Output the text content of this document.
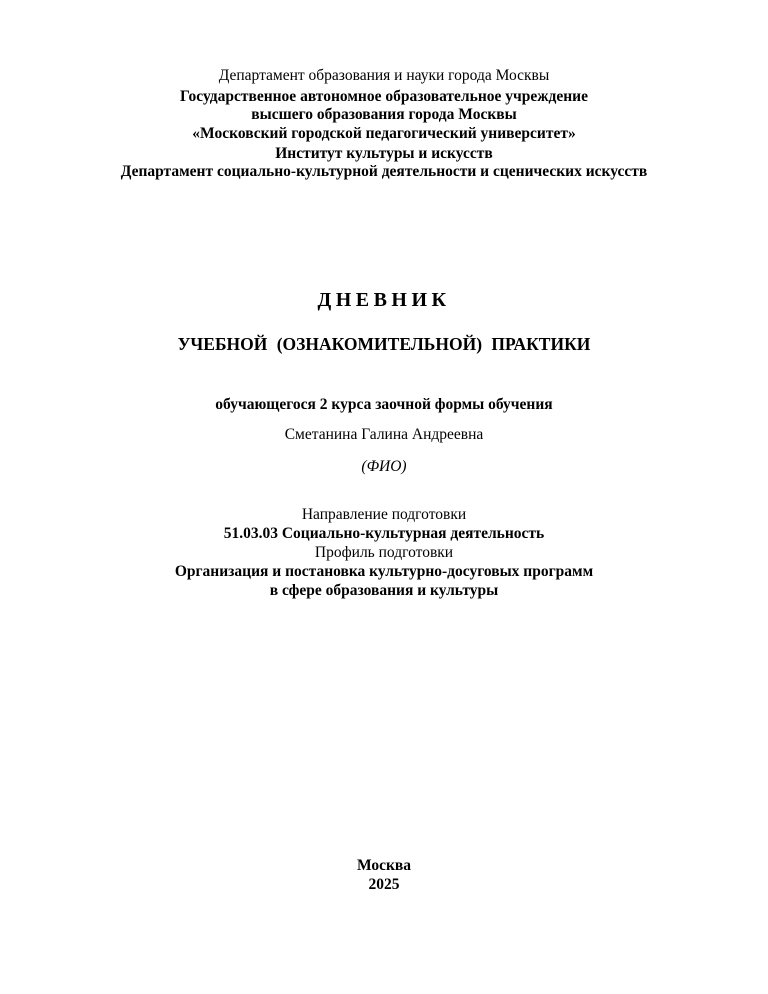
Департамент образования и науки города Москвы
Государственное автономное образовательное учреждение
высшего образования города Москвы
«Московский городской педагогический университет»
Институт культуры и искусств
Департамент социально-культурной деятельности и сценических искусств
ДНЕВНИК
УЧЕБНОЙ (ОЗНАКОМИТЕЛЬНОЙ) ПРАКТИКИ
обучающегося 2 курса заочной формы обучения
Сметанина Галина Андреевна
(ФИО)
Направление подготовки
51.03.03 Социально-культурная деятельность
Профиль подготовки
Организация и постановка культурно-досуговых программ
в сфере образования и культуры
Москва
2025
